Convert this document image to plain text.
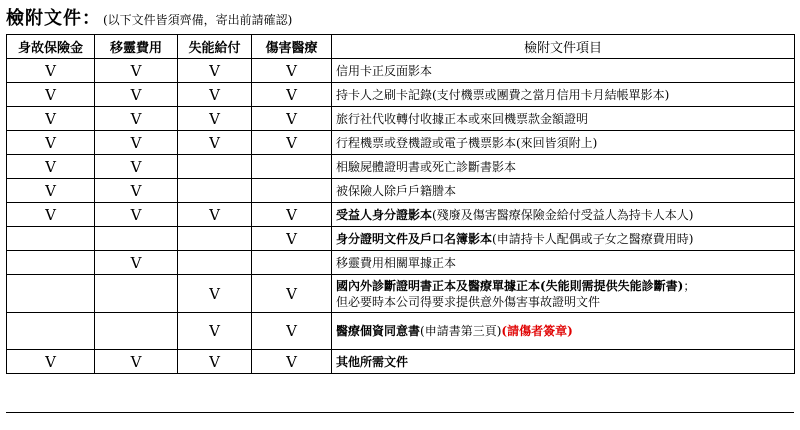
檢附文件： (以下文件皆須齊備，寄出前請確認)
身故保險金	移靈費用	失能給付	傷害醫療	檢附文件項目
V	V	V	V	信用卡正反面影本
V	V	V	V	持卡人之刷卡記錄(支付機票或團費之當月信用卡月結帳單影本)
V	V	V	V	旅行社代收轉付收據正本或來回機票款金額證明
V	V	V	V	行程機票或登機證或電子機票影本(來回皆須附上)
V	V			相驗屍體證明書或死亡診斷書影本
V	V			被保險人除戶戶籍謄本
V	V	V	V	受益人身分證影本(殘廢及傷害醫療保險金給付受益人為持卡人本人)
			V	身分證明文件及戶口名簿影本(申請持卡人配偶或子女之醫療費用時)
	V			移靈費用相關單據正本
		V	V	國內外診斷證明書正本及醫療單據正本(失能則需提供失能診斷書)；
但必要時本公司得要求提供意外傷害事故證明文件
		V	V	醫療個資同意書(申請書第三頁)(請傷者簽章)
V	V	V	V	其他所需文件
